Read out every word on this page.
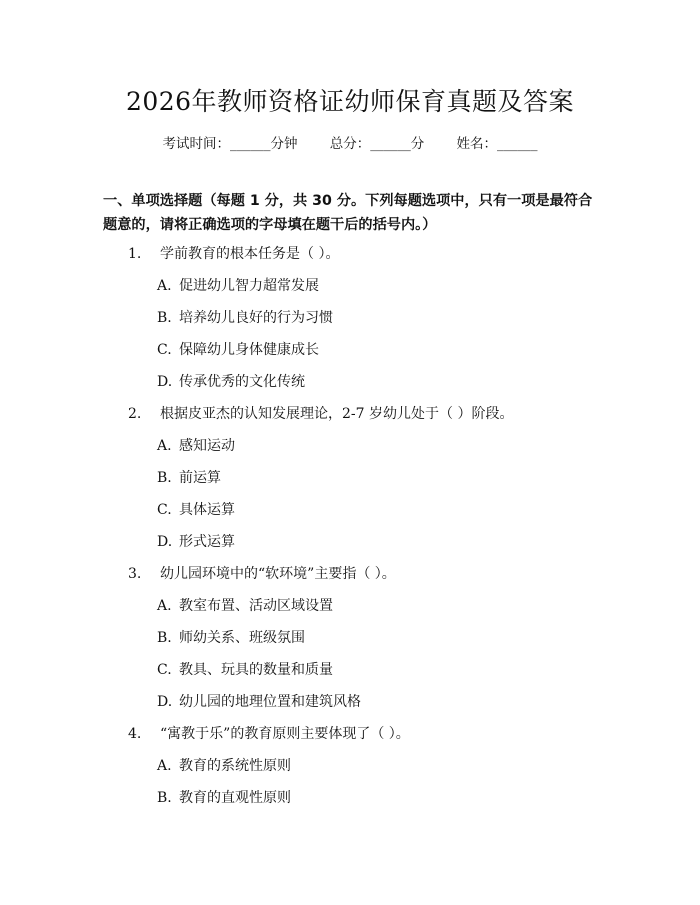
2026年教师资格证幼师保育真题及答案
考试时间：______分钟 总分：______分 姓名：______
一、单项选择题（每题 1 分，共 30 分。下列每题选项中，只有一项是最符合题意的，请将正确选项的字母填在题干后的括号内。）
1. 学前教育的根本任务是（ ）。
A. 促进幼儿智力超常发展
B. 培养幼儿良好的行为习惯
C. 保障幼儿身体健康成长
D. 传承优秀的文化传统
2. 根据皮亚杰的认知发展理论，2-7 岁幼儿处于（ ）阶段。
A. 感知运动
B. 前运算
C. 具体运算
D. 形式运算
3. 幼儿园环境中的“软环境”主要指（ ）。
A. 教室布置、活动区域设置
B. 师幼关系、班级氛围
C. 教具、玩具的数量和质量
D. 幼儿园的地理位置和建筑风格
4. “寓教于乐”的教育原则主要体现了（ ）。
A. 教育的系统性原则
B. 教育的直观性原则
